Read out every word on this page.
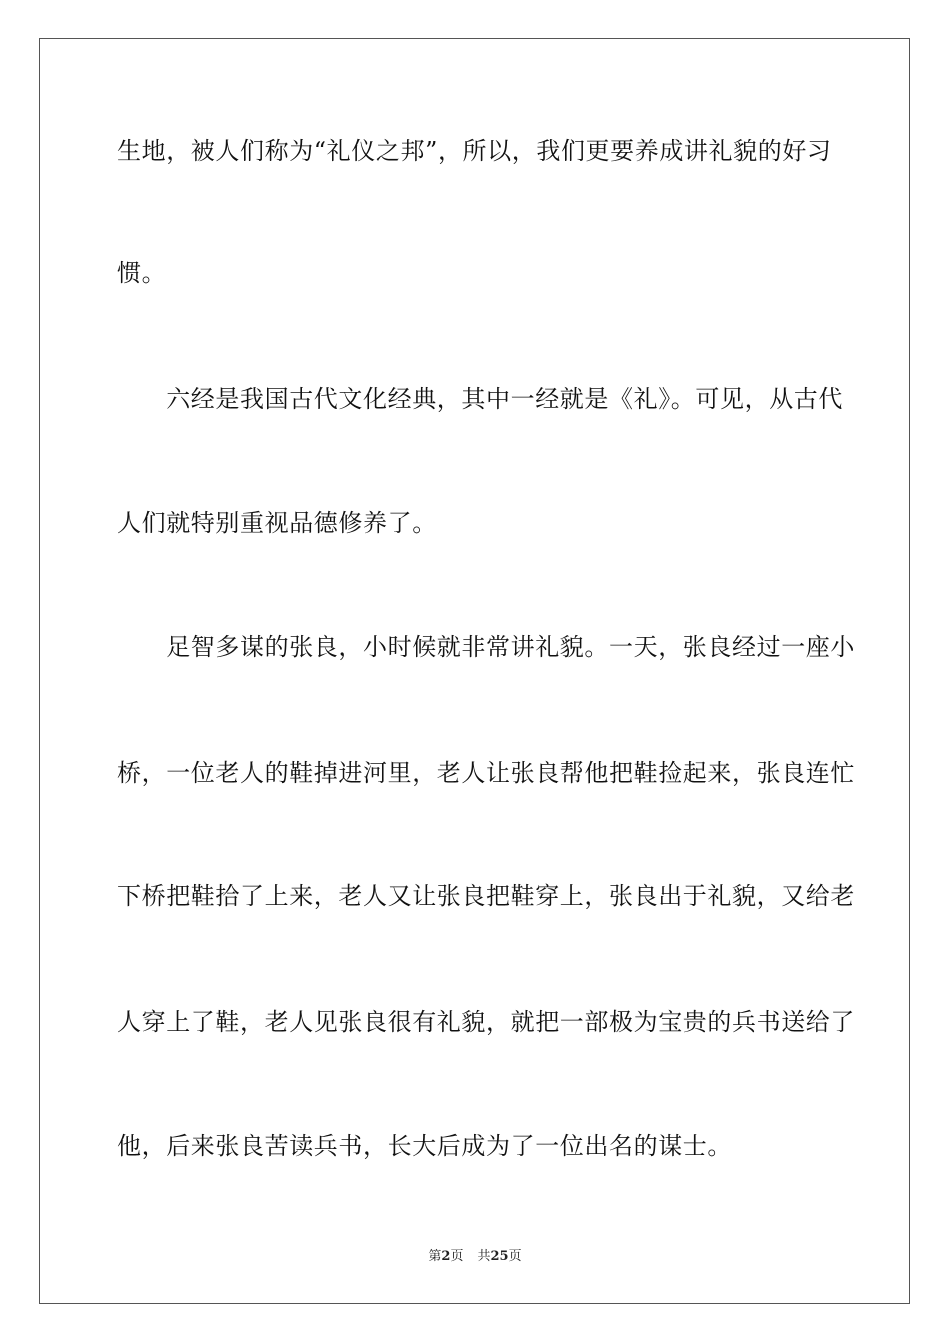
生地，被人们称为“礼仪之邦”，所以，我们更要养成讲礼貌的好习
惯。
　　六经是我国古代文化经典，其中一经就是《礼》。可见，从古代
人们就特别重视品德修养了。
　　足智多谋的张良，小时候就非常讲礼貌。一天，张良经过一座小
桥，一位老人的鞋掉进河里，老人让张良帮他把鞋捡起来，张良连忙
下桥把鞋拾了上来，老人又让张良把鞋穿上，张良出于礼貌，又给老
人穿上了鞋，老人见张良很有礼貌，就把一部极为宝贵的兵书送给了
他，后来张良苦读兵书，长大后成为了一位出名的谋士。
第2页 共25页
